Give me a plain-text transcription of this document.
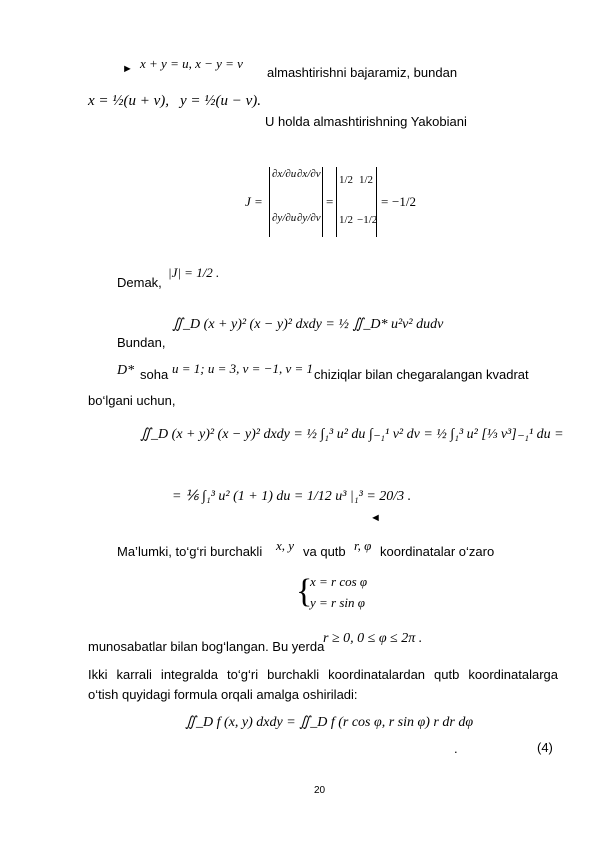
► x + y = u, x − y = v
almashtirishni bajaramiz, bundan
x = ½(u + v), y = ½(u − v).
U holda almashtirishning Yakobiani
J =
∂x/∂u ∂x/∂v
∂y/∂u ∂y/∂v
=
1/2 1/2
1/2 −1/2
= −1/2
Demak,
|J| = 1/2 .
Bundan,
∬_D (x + y)² (x − y)² dxdy = ½ ∬_D* u²v² dudv
D* soha u = 1; u = 3, v = −1, v = 1 chiziqlar bilan chegaralangan kvadrat
bo‘lgani uchun,
∬_D (x + y)² (x − y)² dxdy = ½ ∫₁³ u² du ∫₋₁¹ v² dv = ½ ∫₁³ u² [⅓ v³]₋₁¹ du =
= ⅙ ∫₁³ u² (1 + 1) du = 1/12 u³ |₁³ = 20/3 .
◄
Ma’lumki, to‘g‘ri burchakli x, y va qutb r, φ koordinatalar o‘zaro
{
x = r cos φ
y = r sin φ
munosabatlar bilan bog‘langan. Bu yerda
r ≥ 0, 0 ≤ φ ≤ 2π .
Ikki karrali integralda to‘g‘ri burchakli koordinatalardan qutb koordinatalarga
o‘tish quyidagi formula orqali amalga oshiriladi:
∬_D f (x, y) dxdy = ∬_D f (r cos φ, r sin φ) r dr dφ
.	(4)
20
